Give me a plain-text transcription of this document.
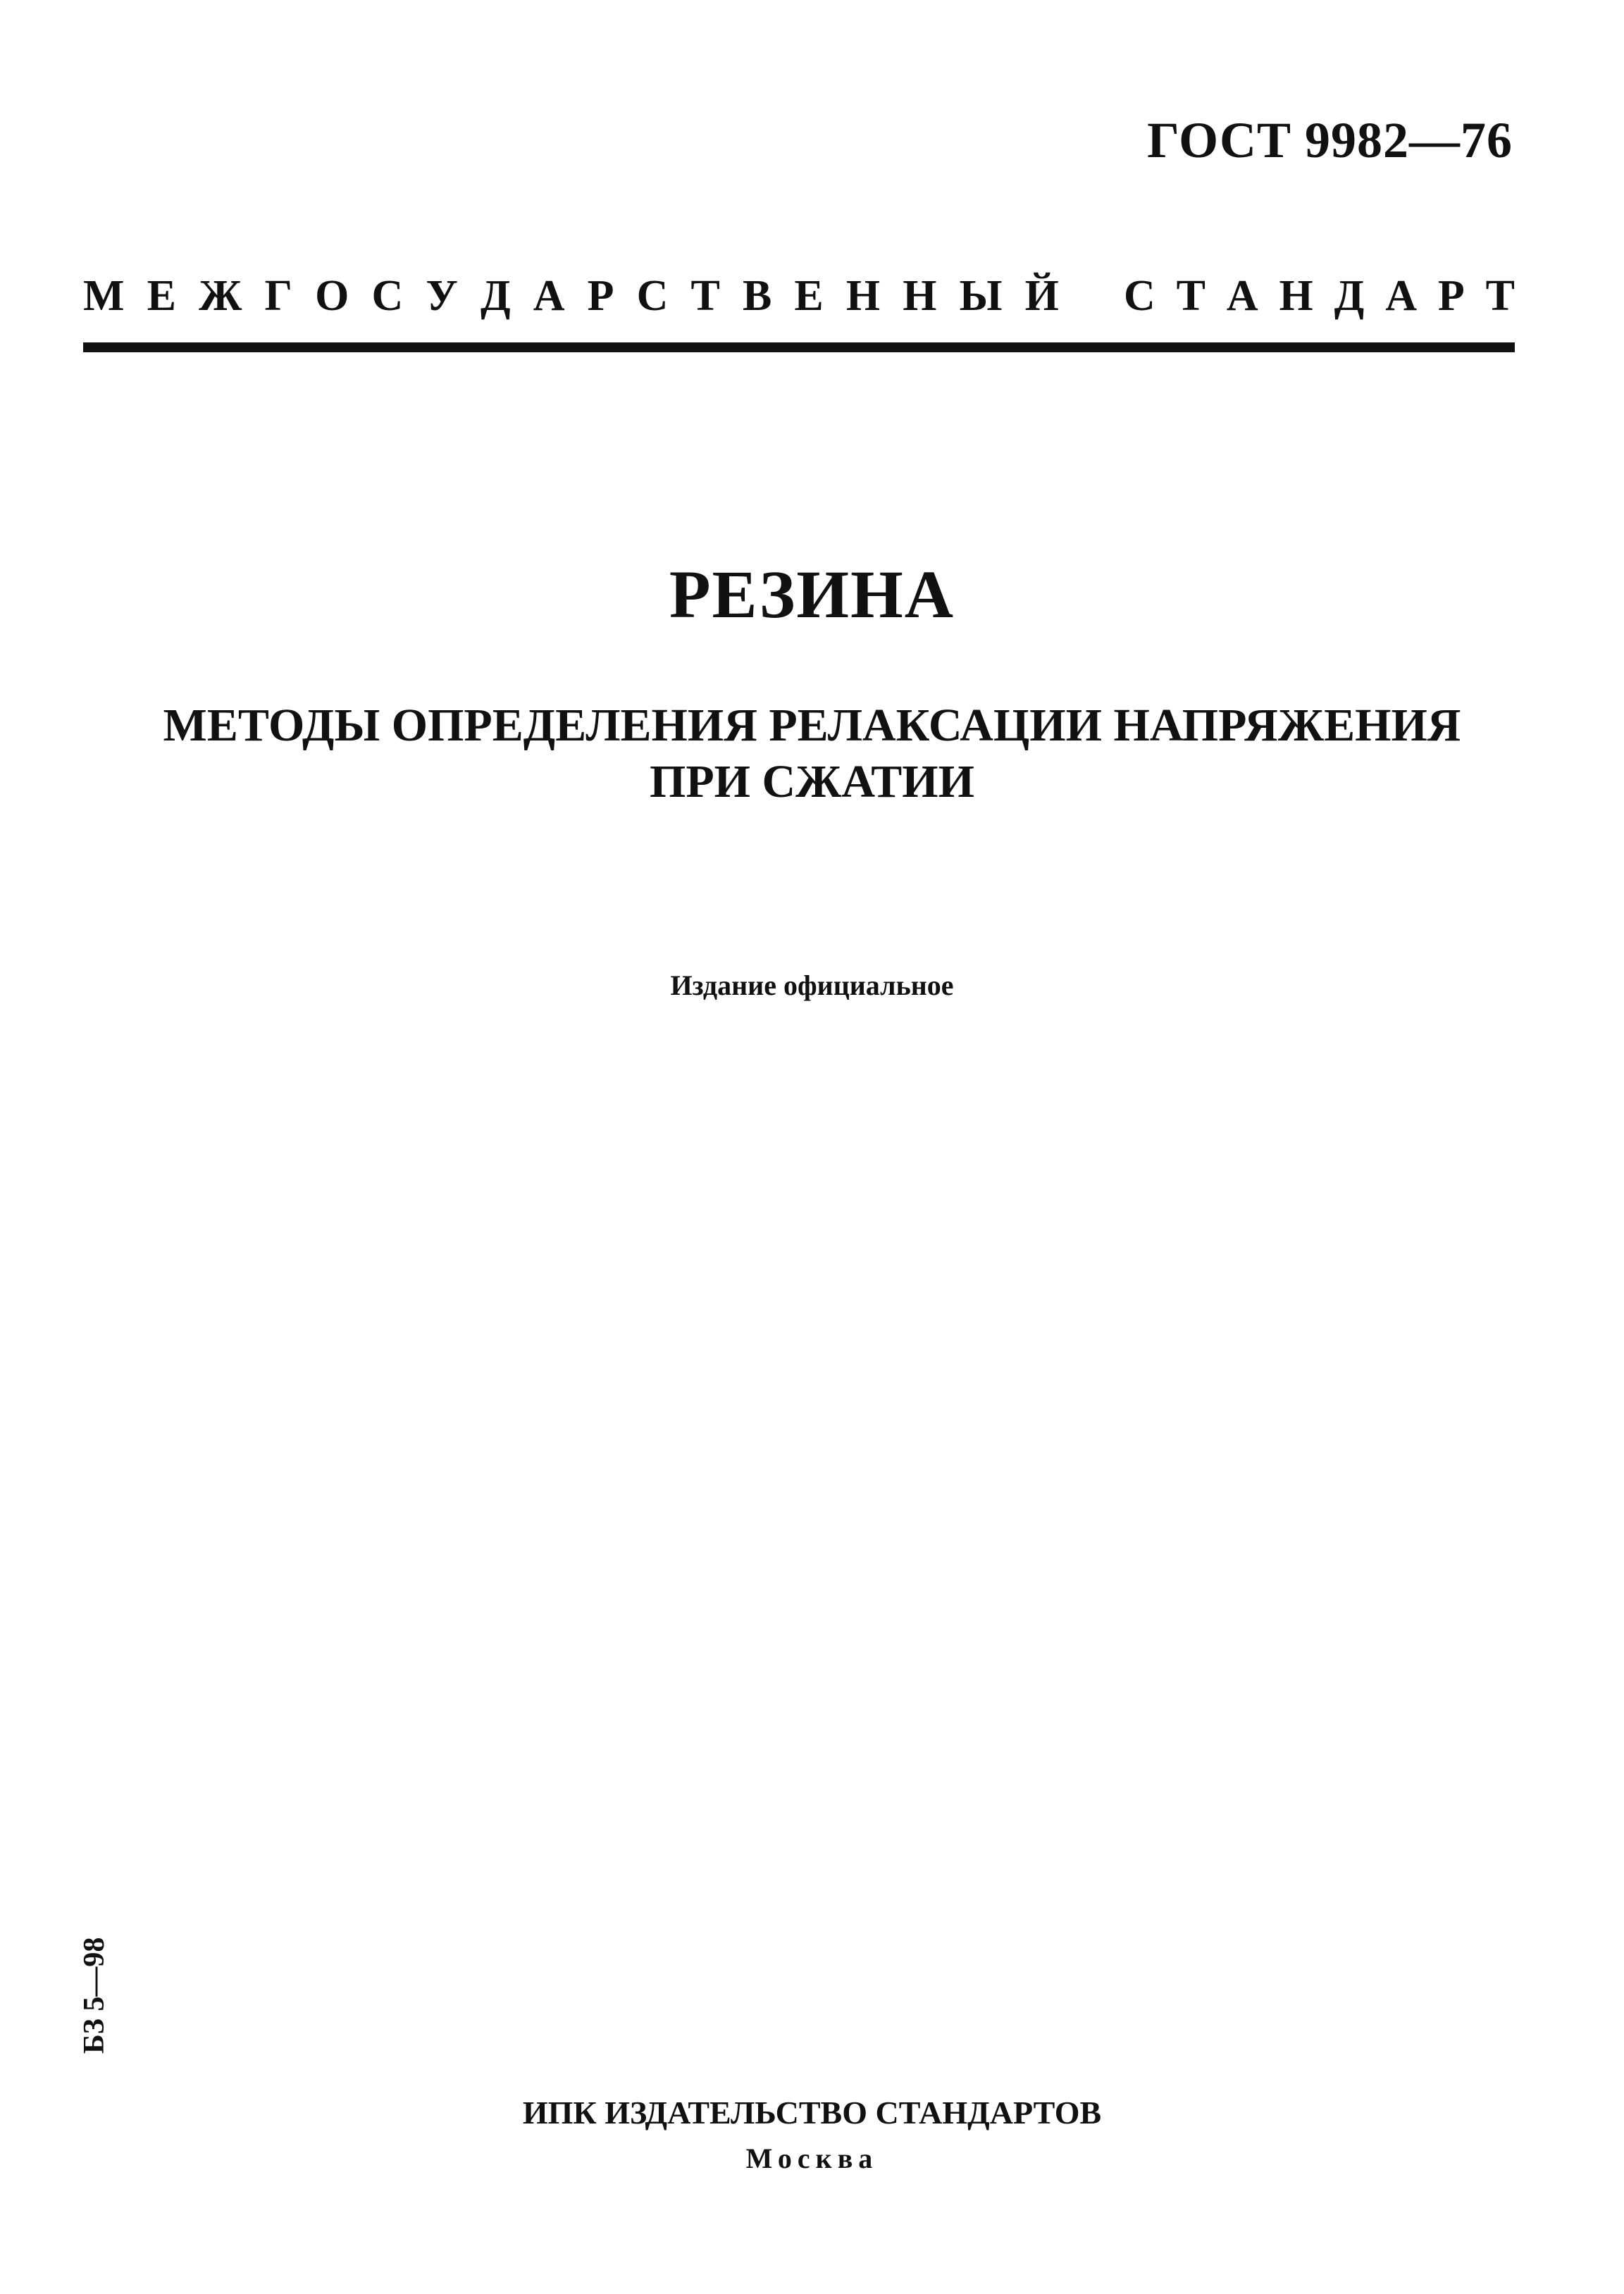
ГОСТ 9982—76
М Е Ж Г О С У Д А Р С Т В Е Н Н Ы Й С Т А Н Д А Р Т
РЕЗИНА
МЕТОДЫ ОПРЕДЕЛЕНИЯ РЕЛАКСАЦИИ НАПРЯЖЕНИЯ
ПРИ СЖАТИИ
Издание официальное
БЗ 5—98
ИПК ИЗДАТЕЛЬСТВО СТАНДАРТОВ
Москва
